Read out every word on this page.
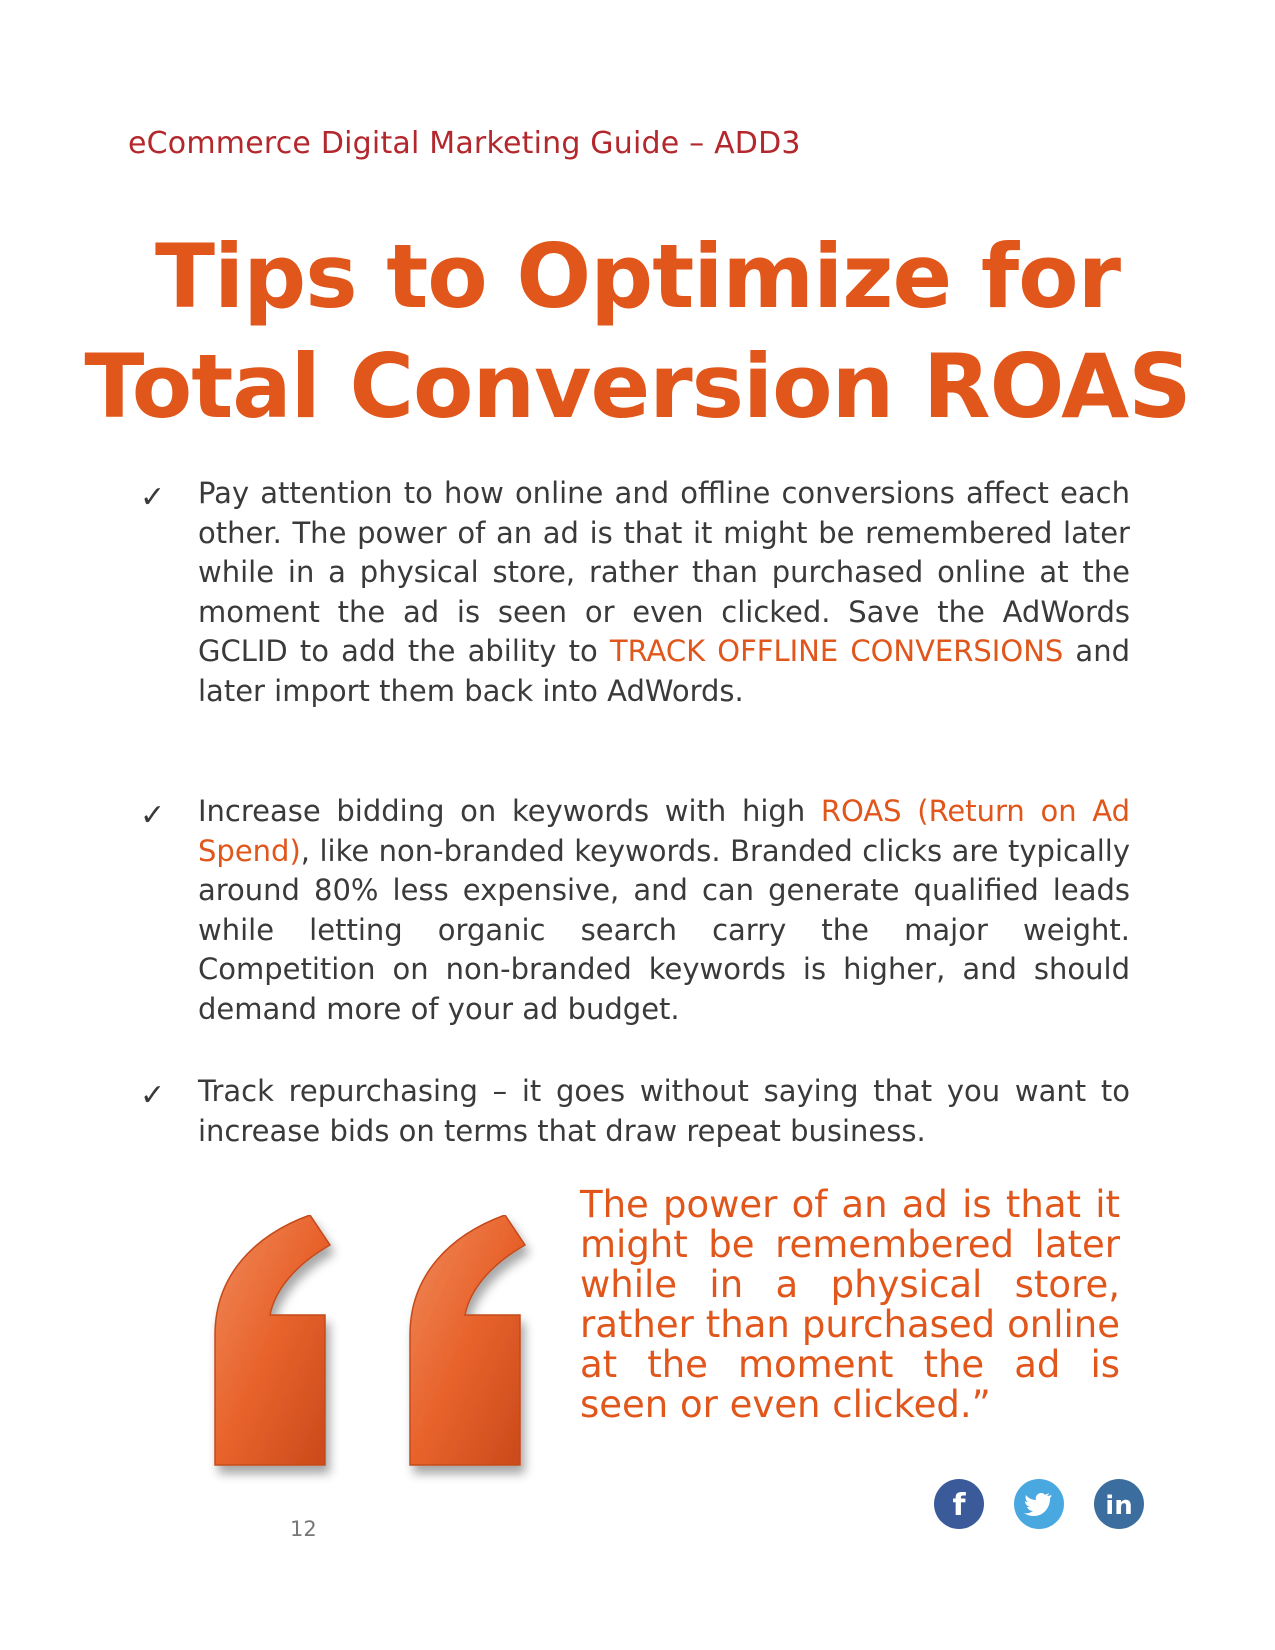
eCommerce Digital Marketing Guide – ADD3
Tips to Optimize for
Total Conversion ROAS
✓ Pay attention to how online and offline conversions affect each other. The power of an ad is that it might be remembered later while in a physical store, rather than purchased online at the moment the ad is seen or even clicked. Save the AdWords GCLID to add the ability to TRACK OFFLINE CONVERSIONS and later import them back into AdWords.
✓ Increase bidding on keywords with high ROAS (Return on Ad Spend), like non-branded keywords. Branded clicks are typically around 80% less expensive, and can generate qualified leads while letting organic search carry the major weight. Competition on non-branded keywords is higher, and should demand more of your ad budget.
✓ Track repurchasing – it goes without saying that you want to increase bids on terms that draw repeat business.
The power of an ad is that it might be remembered later while in a physical store, rather than purchased online at the moment the ad is seen or even clicked.”
12
f	in
